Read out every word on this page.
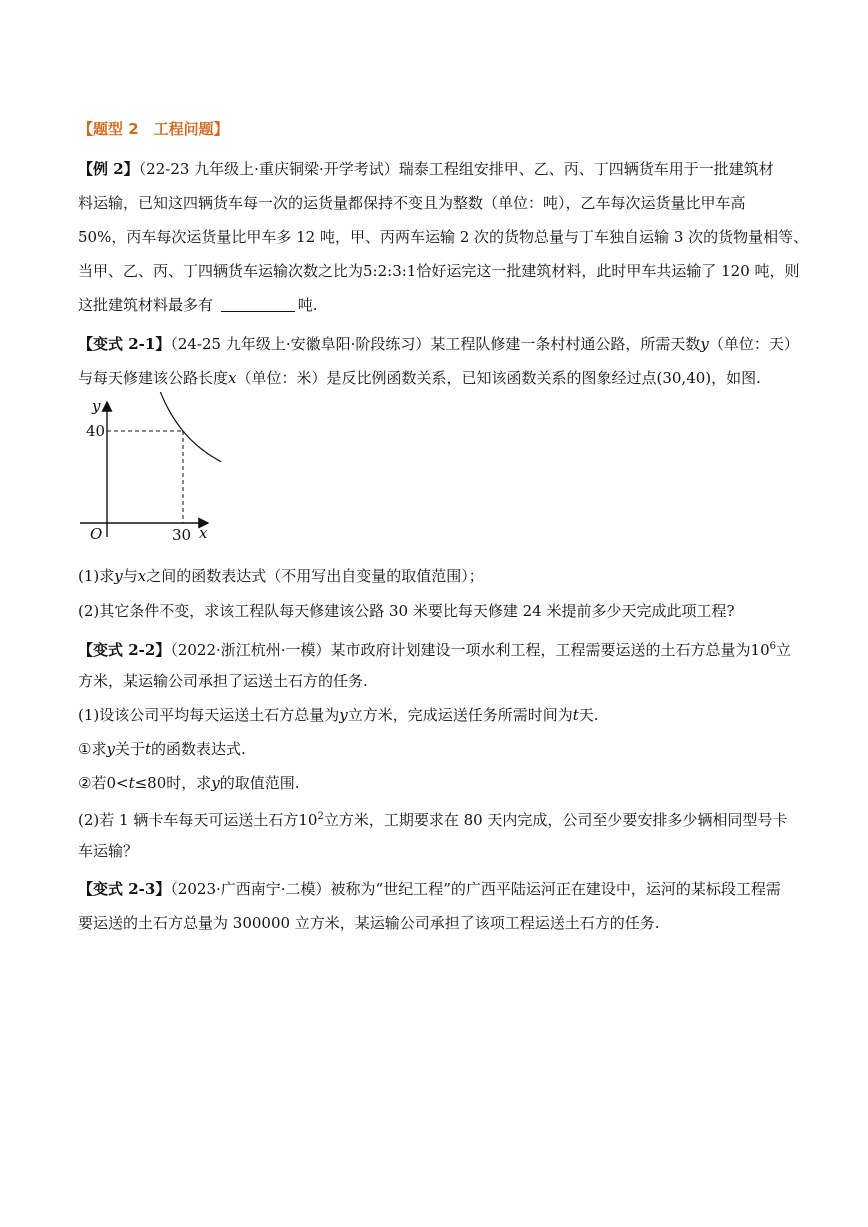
【题型 2　工程问题】
【例 2】（22-23 九年级上·重庆铜梁·开学考试）瑞泰工程组安排甲、乙、丙、丁四辆货车用于一批建筑材
料运输，已知这四辆货车每一次的运货量都保持不变且为整数（单位：吨），乙车每次运货量比甲车高
50%，丙车每次运货量比甲车多 12 吨，甲、丙两车运输 2 次的货物总量与丁车独自运输 3 次的货物量相等、
当甲、乙、丙、丁四辆货车运输次数之比为5:2:3:1恰好运完这一批建筑材料，此时甲车共运输了 120 吨，则
这批建筑材料最多有	吨.
【变式 2-1】（24-25 九年级上·安徽阜阳·阶段练习）某工程队修建一条村村通公路，所需天数y（单位：天）
与每天修建该公路长度x（单位：米）是反比例函数关系，已知该函数关系的图象经过点(30,40)，如图.
y
x
O
40
30
(1)求y与x之间的函数表达式（不用写出自变量的取值范围）；
(2)其它条件不变，求该工程队每天修建该公路 30 米要比每天修建 24 米提前多少天完成此项工程?
【变式 2-2】（2022·浙江杭州·一模）某市政府计划建设一项水利工程，工程需要运送的土石方总量为$10^6$立
方米，某运输公司承担了运送土石方的任务.
(1)设该公司平均每天运送土石方总量为y立方米，完成运送任务所需时间为t天.
①求y关于t的函数表达式.
②若0<t≤80时，求y的取值范围.
(2)若 1 辆卡车每天可运送土石方$10^2$立方米，工期要求在 80 天内完成，公司至少要安排多少辆相同型号卡
车运输？
【变式 2-3】（2023·广西南宁·二模）被称为“世纪工程”的广西平陆运河正在建设中，运河的某标段工程需
要运送的土石方总量为 300000 立方米，某运输公司承担了该项工程运送土石方的任务.
